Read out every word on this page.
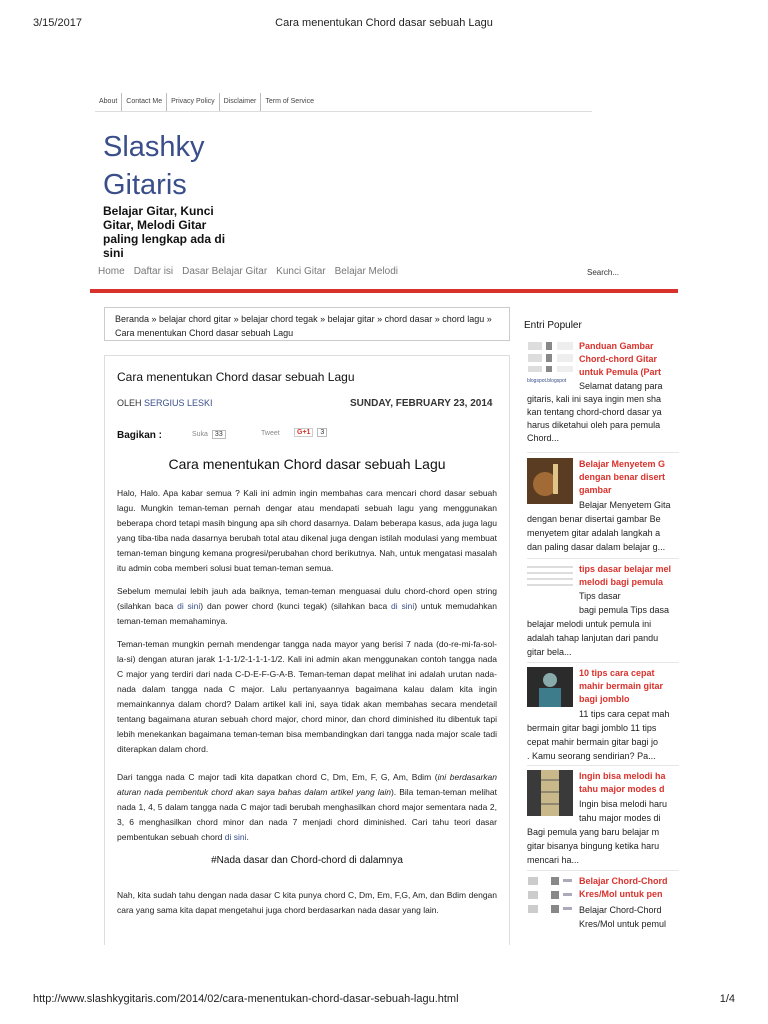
3/15/2017	Cara menentukan Chord dasar sebuah Lagu
http://www.slashkygitaris.com/2014/02/cara-menentukan-chord-dasar-sebuah-lagu.html	1/4
About	Contact Me	Privacy Policy	Disclaimer	Term of Service
Slashky
Gitaris
Belajar Gitar, Kunci Gitar, Melodi Gitar paling lengkap ada di sini
Home Daftar isi Dasar Belajar Gitar Kunci Gitar Belajar Melodi	Search...
Beranda » belajar chord gitar » belajar chord tegak » belajar gitar » chord dasar » chord lagu » Cara menentukan Chord dasar sebuah Lagu
Cara menentukan Chord dasar sebuah Lagu
OLEH SERGIUS LESKI	SUNDAY, FEBRUARY 23, 2014
Bagikan :	Suka 33	Tweet	G+1 3
Cara menentukan Chord dasar sebuah Lagu
Halo, Halo. Apa kabar semua ? Kali ini admin ingin membahas cara mencari chord dasar sebuah lagu. Mungkin teman-teman pernah dengar atau mendapati sebuah lagu yang menggunakan beberapa chord tetapi masih bingung apa sih chord dasarnya. Dalam beberapa kasus, ada juga lagu yang tiba-tiba nada dasarnya berubah total atau dikenal juga dengan istilah modulasi yang membuat teman-teman bingung kemana progresi/perubahan chord berikutnya. Nah, untuk mengatasi masalah itu admin coba memberi solusi buat teman-teman semua.
Sebelum memulai lebih jauh ada baiknya, teman-teman menguasai dulu chord-chord open string (silahkan baca di sini) dan power chord (kunci tegak) (silahkan baca di sini) untuk memudahkan teman-teman memahaminya.
Teman-teman mungkin pernah mendengar tangga nada mayor yang berisi 7 nada (do-re-mi-fa-sol-la-si) dengan aturan jarak 1-1-1/2-1-1-1-1/2. Kali ini admin akan menggunakan contoh tangga nada C major yang terdiri dari nada C-D-E-F-G-A-B. Teman-teman dapat melihat ini adalah urutan nada-nada dalam tangga nada C major. Lalu pertanyaannya bagaimana kalau dalam kita ingin memainkannya dalam chord? Dalam artikel kali ini, saya tidak akan membahas secara mendetail tentang bagaimana aturan sebuah chord major, chord minor, dan chord diminished itu dibentuk tapi lebih menekankan bagaimana teman-teman bisa membandingkan dari tangga nada major scale tadi diterapkan dalam chord.
Dari tangga nada C major tadi kita dapatkan chord C, Dm, Em, F, G, Am, Bdim (ini berdasarkan aturan nada pembentuk chord akan saya bahas dalam artikel yang lain). Bila teman-teman melihat nada 1, 4, 5 dalam tangga nada C major tadi berubah menghasilkan chord major sementara nada 2, 3, 6 menghasilkan chord minor dan nada 7 menjadi chord diminished. Cari tahu teori dasar pembentukan sebuah chord di sini.
#Nada dasar dan Chord-chord di dalamnya
Nah, kita sudah tahu dengan nada dasar C kita punya chord C, Dm, Em, F,G, Am, dan Bdim dengan cara yang sama kita dapat mengetahui juga chord berdasarkan nada dasar yang lain.
Entri Populer
blogspot.blogspot
Panduan Gambar Chord-chord Gitar untuk Pemula (Part
Selamat datang para
gitaris, kali ini saya ingin men sha
kan tentang chord-chord dasar ya
harus diketahui oleh para pemula
Chord...
Belajar Menyetem G dengan benar disert gambar
Belajar Menyetem Gita
dengan benar disertai gambar Be
menyetem gitar adalah langkah a
dan paling dasar dalam belajar g...
tips dasar belajar mel melodi bagi pemula
Tips dasar
bagi pemula Tips dasa
belajar melodi untuk pemula ini
adalah tahap lanjutan dari pandu
gitar bela...
10 tips cara cepat mahir bermain gitar bagi jomblo
11 tips cara cepat mah
bermain gitar bagi jomblo 11 tips
cepat mahir bermain gitar bagi jo
. Kamu seorang sendirian? Pa...
Ingin bisa melodi ha tahu major modes d
Ingin bisa melodi haru
tahu major modes di
Bagi pemula yang baru belajar m
gitar bisanya bingung ketika haru
mencari ha...
Belajar Chord-Chord Kres/Mol untuk pen
Belajar Chord-Chord
Kres/Mol untuk pemul
